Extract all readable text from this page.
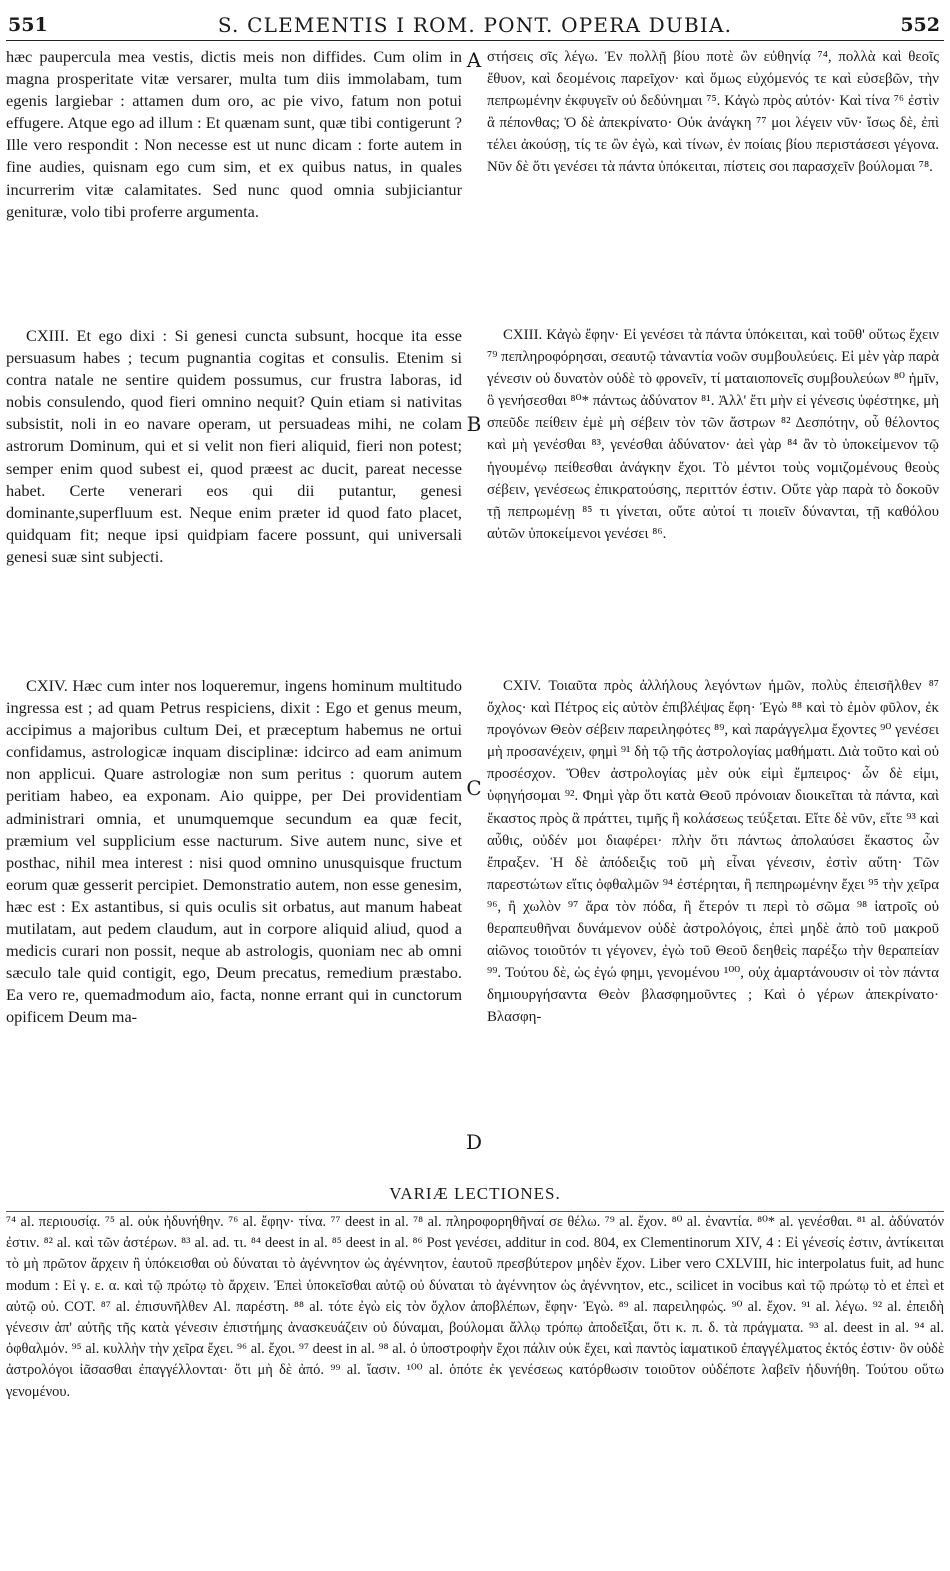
551	S. CLEMENTIS I ROM. PONT. OPERA DUBIA.	552

hæc paupercula mea vestis, dictis meis non diffides. Cum olim in magna prosperitate vitæ versarer, multa tum diis immolabam, tum egenis largiebar : attamen dum oro, ac pie vivo, fatum non potui effugere. Atque ego ad illum : Et quænam sunt, quæ tibi contigerunt ? Ille vero respondit : Non necesse est ut nunc dicam : forte autem in fine audies, quisnam ego cum sim, et ex quibus natus, in quales incurrerim vitæ calamitates. Sed nunc quod omnia subjiciantur genituræ, volo tibi proferre argumenta.

CXIII. Et ego dixi : Si genesi cuncta subsunt, hocque ita esse persuasum habes ; tecum pugnantia cogitas et consulis. Etenim si contra natale ne sentire quidem possumus, cur frustra laboras, id nobis consulendo, quod fieri omnino nequit? Quin etiam si nativitas subsistit, noli in eo navare operam, ut persuadeas mihi, ne colam astrorum Dominum, qui et si velit non fieri aliquid, fieri non potest; semper enim quod subest ei, quod præest ac ducit, pareat necesse habet. Certe venerari eos qui dii putantur, genesi dominante,superfluum est. Neque enim præter id quod fato placet, quidquam fit; neque ipsi quidpiam facere possunt, qui universali genesi suæ sint subjecti.

CXIV. Hæc cum inter nos loqueremur, ingens hominum multitudo ingressa est ; ad quam Petrus respiciens, dixit : Ego et genus meum, accipimus a majoribus cultum Dei, et præceptum habemus ne ortui confidamus, astrologicæ inquam disciplinæ: idcirco ad eam animum non applicui. Quare astrologiæ non sum peritus : quorum autem peritiam habeo, ea exponam. Aio quippe, per Dei providentiam administrari omnia, et unumquemque secundum ea quæ fecit, præmium vel supplicium esse nacturum. Sive autem nunc, sive et posthac, nihil mea interest : nisi quod omnino unusquisque fructum eorum quæ gesserit percipiet. Demonstratio autem, non esse genesim, hæc est : Ex astantibus, si quis oculis sit orbatus, aut manum habeat mutilatam, aut pedem claudum, aut in corpore aliquid aliud, quod a medicis curari non possit, neque ab astrologis, quoniam nec ab omni sæculo tale quid contigit, ego, Deum precatus, remedium præstabo. Ea vero re, quemadmodum aio, facta, nonne errant qui in cunctorum opificem Deum ma-

A
B
C
D

στήσεις σῖς λέγω. Ἐν πολλῇ βίου ποτὲ ὢν εὐθηνίᾳ ⁷⁴, πολλὰ καὶ θεοῖς ἔθυον, καὶ δεομένοις παρεῖχον· καὶ ὅμως εὐχόμενός τε καὶ εὐσεβῶν, τὴν πεπρωμένην ἐκφυγεῖν οὐ δεδύνημαι ⁷⁵. Κἀγὼ πρὸς αὐτόν· Καὶ τίνα ⁷⁶ ἐστὶν ἃ πέπονθας; Ὁ δὲ ἀπεκρίνατο· Οὐκ ἀνάγκη ⁷⁷ μοι λέγειν νῦν· ἴσως δὲ, ἐπὶ τέλει ἀκούσῃ, τίς τε ὢν ἐγὼ, καὶ τίνων, ἐν ποίαις βίου περιστάσεσι γέγονα. Νῦν δὲ ὅτι γενέσει τὰ πάντα ὑπόκειται, πίστεις σοι παρασχεῖν βούλομαι ⁷⁸.

CXIII. Κἀγὼ ἔφην· Εἰ γενέσει τὰ πάντα ὑπόκειται, καὶ τοῦθ' οὕτως ἔχειν ⁷⁹ πεπληροφόρησαι, σεαυτῷ τἀναντία νοῶν συμβουλεύεις. Εἰ μὲν γὰρ παρὰ γένεσιν οὐ δυνατὸν οὐδὲ τὸ φρονεῖν, τί ματαιοπονεῖς συμβουλεύων ⁸⁰ ἡμῖν, ὃ γενήσεσθαι ⁸⁰* πάντως ἀδύνατον ⁸¹. Ἀλλ' ἔτι μὴν εἰ γένεσις ὑφέστηκε, μὴ σπεῦδε πείθειν ἐμὲ μὴ σέβειν τὸν τῶν ἄστρων ⁸² Δεσπότην, οὗ θέλοντος καὶ μὴ γενέσθαι ⁸³, γενέσθαι ἀδύνατον· ἀεὶ γὰρ ⁸⁴ ἂν τὸ ὑποκείμενον τῷ ἡγουμένῳ πείθεσθαι ἀνάγκην ἔχοι. Τὸ μέντοι τοὺς νομιζομένους θεοὺς σέβειν, γενέσεως ἐπικρατούσης, περιττόν ἐστιν. Οὔτε γὰρ παρὰ τὸ δοκοῦν τῇ πεπρωμένῃ ⁸⁵ τι γίνεται, οὔτε αὐτοί τι ποιεῖν δύνανται, τῇ καθόλου αὐτῶν ὑποκείμενοι γενέσει ⁸⁶.

CXIV. Τοιαῦτα πρὸς ἀλλήλους λεγόντων ἡμῶν, πολὺς ἐπεισῆλθεν ⁸⁷ ὄχλος· καὶ Πέτρος εἰς αὐτὸν ἐπιβλέψας ἔφη· Ἐγὼ ⁸⁸ καὶ τὸ ἐμὸν φῦλον, ἐκ προγόνων Θεὸν σέβειν παρειληφότες ⁸⁹, καὶ παράγγελμα ἔχοντες ⁹⁰ γενέσει μὴ προσανέχειν, φημὶ ⁹¹ δὴ τῷ τῆς ἀστρολογίας μαθήματι. Διὰ τοῦτο καὶ οὐ προσέσχον. Ὅθεν ἀστρολογίας μὲν οὐκ εἰμὶ ἔμπειρος· ὧν δὲ εἰμι, ὑφηγήσομαι ⁹². Φημὶ γὰρ ὅτι κατὰ Θεοῦ πρόνοιαν διοικεῖται τὰ πάντα, καὶ ἕκαστος πρὸς ἃ πράττει, τιμῆς ἢ κολάσεως τεύξεται. Εἴτε δὲ νῦν, εἴτε ⁹³ καὶ αὖθις, οὐδέν μοι διαφέρει· πλὴν ὅτι πάντως ἀπολαύσει ἕκαστος ὧν ἔπραξεν. Ἡ δὲ ἀπόδειξις τοῦ μὴ εἶναι γένεσιν, ἐστὶν αὕτη· Τῶν παρεστώτων εἴτις ὀφθαλμῶν ⁹⁴ ἐστέρηται, ἢ πεπηρωμένην ἔχει ⁹⁵ τὴν χεῖρα ⁹⁶, ἢ χωλὸν ⁹⁷ ἄρα τὸν πόδα, ἢ ἕτερόν τι περὶ τὸ σῶμα ⁹⁸ ἰατροῖς οὐ θεραπευθῆναι δυνάμενον οὐδὲ ἀστρολόγοις, ἐπεὶ μηδὲ ἀπὸ τοῦ μακροῦ αἰῶνος τοιοῦτόν τι γέγονεν, ἐγὼ τοῦ Θεοῦ δεηθεὶς παρέξω τὴν θεραπείαν ⁹⁹. Τούτου δὲ, ὡς ἐγώ φημι, γενομένου ¹⁰⁰, οὐχ ἁμαρτάνουσιν οἱ τὸν πάντα δημιουργήσαντα Θεὸν βλασφημοῦντες ; Καὶ ὁ γέρων ἀπεκρίνατο· Βλασφη-

VARIÆ LECTIONES.
⁷⁴ al. περιουσίᾳ. ⁷⁵ al. οὐκ ἠδυνήθην. ⁷⁶ al. ἔφην· τίνα. ⁷⁷ deest in al. ⁷⁸ al. πληροφορηθῆναί σε θέλω. ⁷⁹ al. ἔχον. ⁸⁰ al. ἐναντία. ⁸⁰* al. γενέσθαι. ⁸¹ al. ἀδύνατόν ἐστιν. ⁸² al. καὶ τῶν ἀστέρων. ⁸³ al. ad. τι. ⁸⁴ deest in al. ⁸⁵ deest in al. ⁸⁶ Post γενέσει, additur in cod. 804, ex Clementinorum XIV, 4 : Εἰ γένεσίς ἐστιν, ἀντίκειται τὸ μὴ πρῶτον ἄρχειν ἢ ὑπόκεισθαι οὐ δύναται τὸ ἀγέννητον ὡς ἀγέννητον, ἑαυτοῦ πρεσβύτερον μηδὲν ἔχον. Liber vero CXLVIII, hic interpolatus fuit, ad hunc modum : Εἰ γ. ε. α. καὶ τῷ πρώτῳ τὸ ἄρχειν. Ἐπεὶ ὑποκεῖσθαι αὐτῷ οὐ δύναται τὸ ἀγέννητον ὡς ἀγέννητον, etc., scilicet in vocibus καὶ τῷ πρώτῳ τὸ et ἐπεὶ et αὐτῷ οὐ. COT. ⁸⁷ al. ἐπισυνῆλθεν Al. παρέστη. ⁸⁸ al. τότε ἐγὼ εἰς τὸν ὄχλον ἀποβλέπων, ἔφην· Ἐγὼ. ⁸⁹ al. παρειληφώς. ⁹⁰ al. ἔχον. ⁹¹ al. λέγω. ⁹² al. ἐπειδὴ γένεσιν ἀπ' αὐτῆς τῆς κατὰ γένεσιν ἐπιστήμης ἀνασκευάζειν οὐ δύναμαι, βούλομαι ἄλλῳ τρόπῳ ἀποδεῖξαι, ὅτι κ. π. δ. τὰ πράγματα. ⁹³ al. deest in al. ⁹⁴ al. ὀφθαλμόν. ⁹⁵ al. κυλλὴν τὴν χεῖρα ἔχει. ⁹⁶ al. ἔχοι. ⁹⁷ deest in al. ⁹⁸ al. ὁ ὑποστροφὴν ἔχοι πάλιν οὐκ ἔχει, καὶ παντὸς ἰαματικοῦ ἐπαγγέλματος ἐκτός ἐστιν· ὃν οὐδὲ ἀστρολόγοι ἰᾶσασθαι ἐπαγγέλλονται· ὅτι μὴ δὲ ἀπό. ⁹⁹ al. ἴασιν. ¹⁰⁰ al. ὁπότε ἐκ γενέσεως κατόρθωσιν τοιοῦτον οὐδέποτε λαβεῖν ἠδυνήθη. Τούτου οὕτω γενομένου.
